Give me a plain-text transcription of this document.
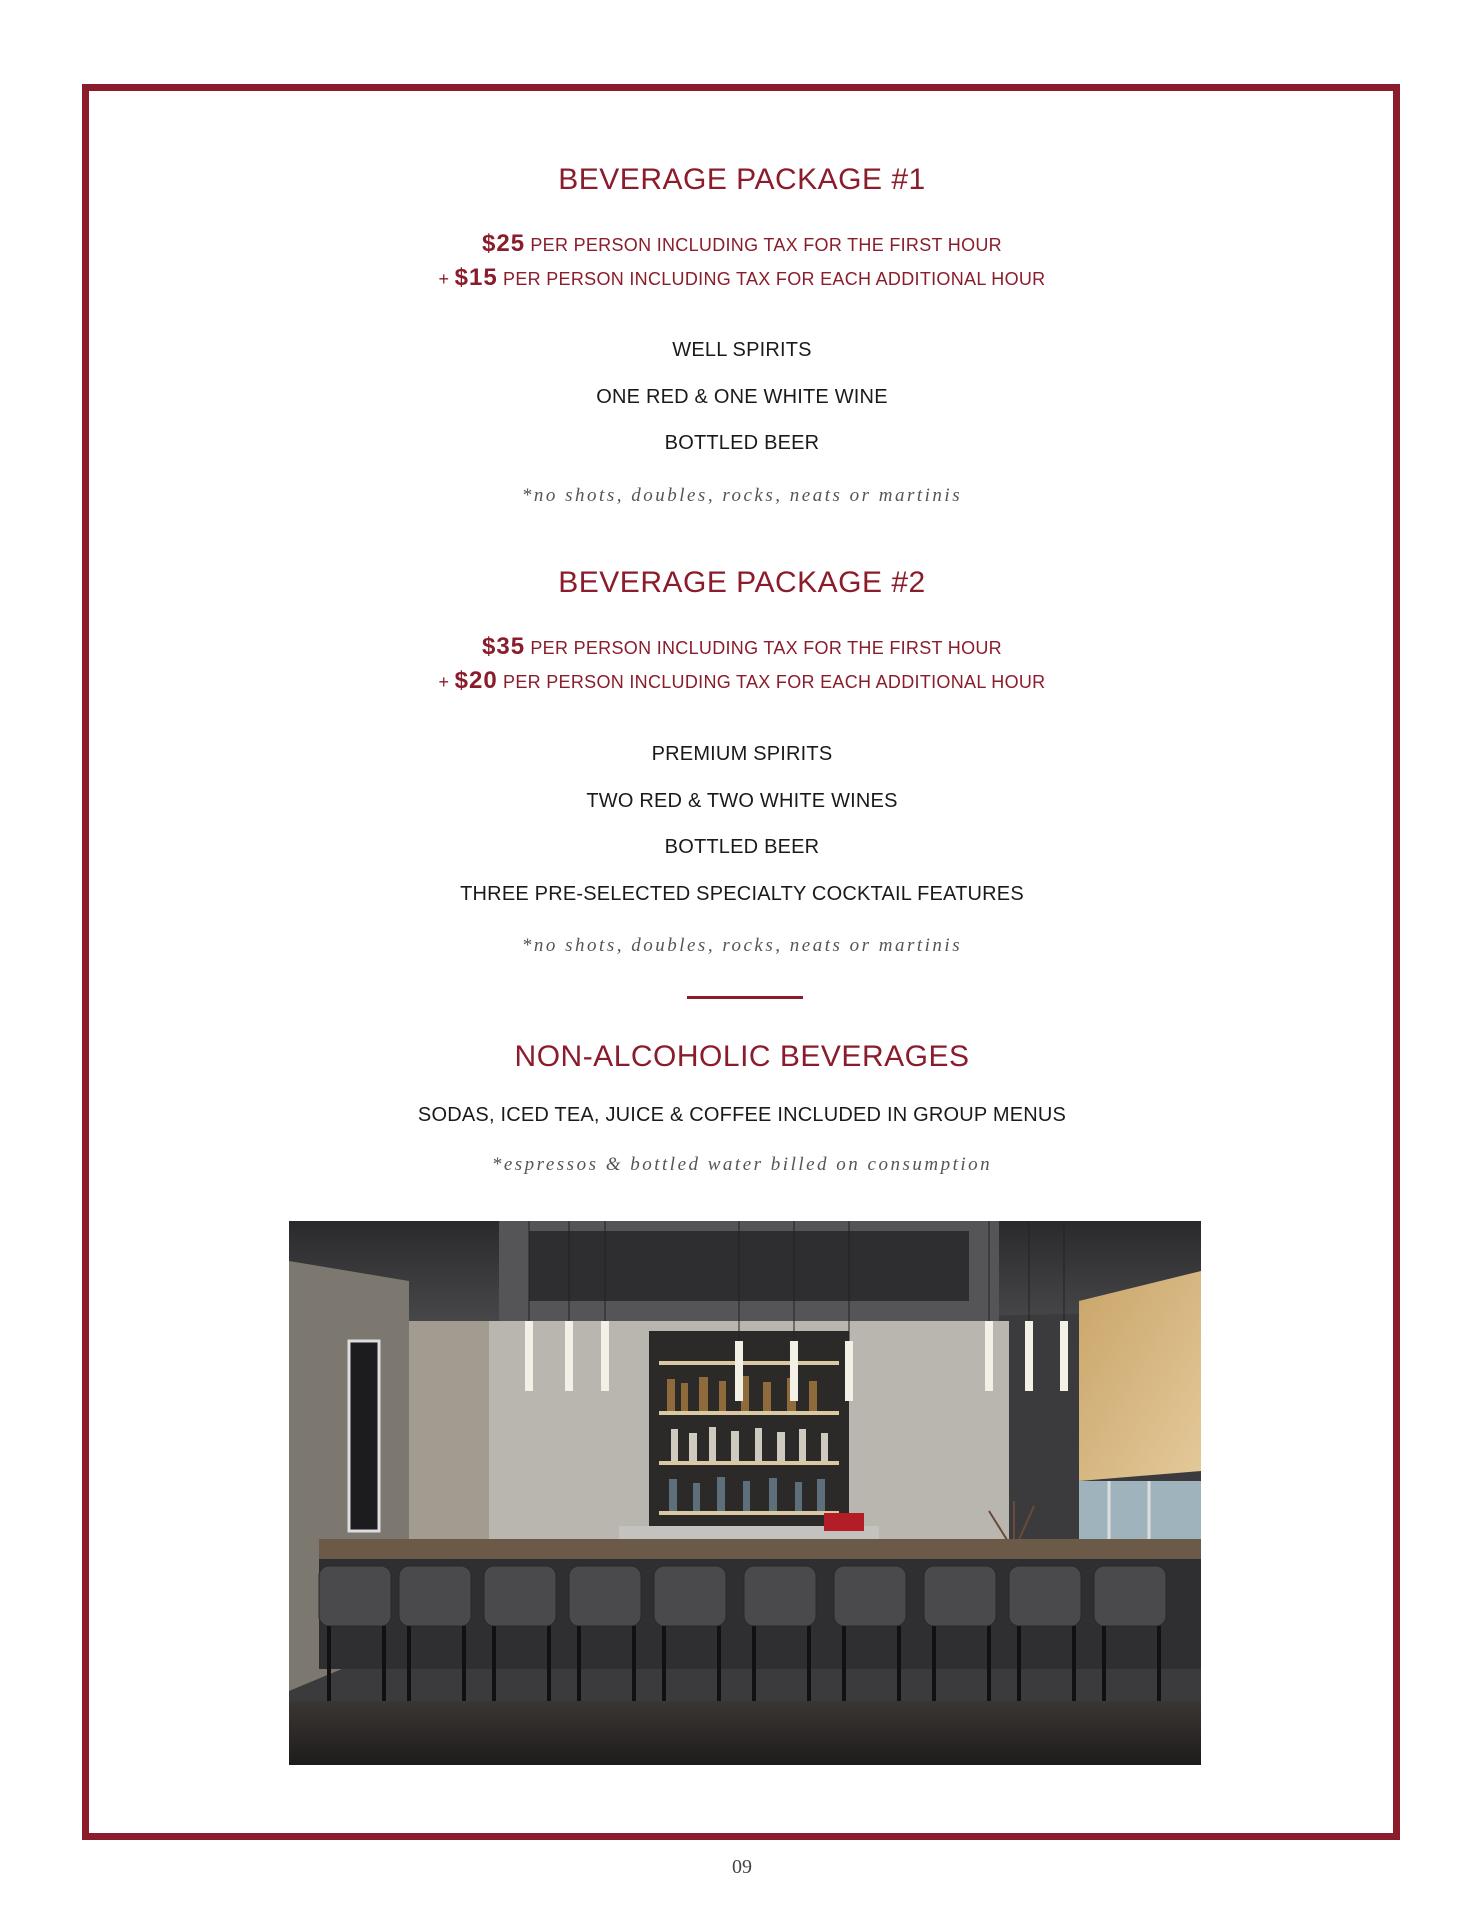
BEVERAGE PACKAGE #1
$25 PER PERSON INCLUDING TAX FOR THE FIRST HOUR
+ $15 PER PERSON INCLUDING TAX FOR EACH ADDITIONAL HOUR
WELL SPIRITS
ONE RED & ONE WHITE WINE
BOTTLED BEER
*no shots, doubles, rocks, neats or martinis
BEVERAGE PACKAGE #2
$35 PER PERSON INCLUDING TAX FOR THE FIRST HOUR
+ $20 PER PERSON INCLUDING TAX FOR EACH ADDITIONAL HOUR
PREMIUM SPIRITS
TWO RED & TWO WHITE WINES
BOTTLED BEER
THREE PRE-SELECTED SPECIALTY COCKTAIL FEATURES
*no shots, doubles, rocks, neats or martinis
NON-ALCOHOLIC BEVERAGES
SODAS, ICED TEA, JUICE & COFFEE INCLUDED IN GROUP MENUS
*espressos & bottled water billed on consumption
09
